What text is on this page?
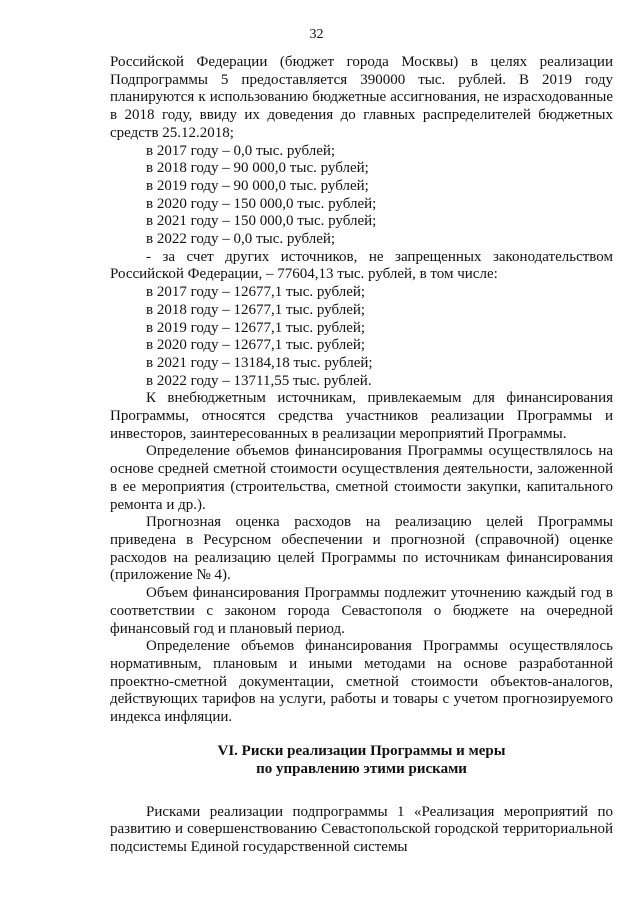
32

Российской Федерации (бюджет города Москвы) в целях реализации Подпрограммы 5 предоставляется 390000 тыс. рублей. В 2019 году планируются к использованию бюджетные ассигнования, не израсходованные в 2018 году, ввиду их доведения до главных распределителей бюджетных средств 25.12.2018;

в 2017 году – 0,0 тыс. рублей;

в 2018 году – 90 000,0 тыс. рублей;

в 2019 году – 90 000,0 тыс. рублей;

в 2020 году – 150 000,0 тыс. рублей;

в 2021 году – 150 000,0 тыс. рублей;

в 2022 году – 0,0 тыс. рублей;

- за счет других источников, не запрещенных законодательством Российской Федерации, – 77604,13 тыс. рублей, в том числе:

в 2017 году – 12677,1 тыс. рублей;

в 2018 году – 12677,1 тыс. рублей;

в 2019 году – 12677,1 тыс. рублей;

в 2020 году – 12677,1 тыс. рублей;

в 2021 году – 13184,18 тыс. рублей;

в 2022 году – 13711,55 тыс. рублей.

К внебюджетным источникам, привлекаемым для финансирования Программы, относятся средства участников реализации Программы и инвесторов, заинтересованных в реализации мероприятий Программы.

Определение объемов финансирования Программы осуществлялось на основе средней сметной стоимости осуществления деятельности, заложенной в ее мероприятия (строительства, сметной стоимости закупки, капитального ремонта и др.).

Прогнозная оценка расходов на реализацию целей Программы приведена в Ресурсном обеспечении и прогнозной (справочной) оценке расходов на реализацию целей Программы по источникам финансирования (приложение № 4).

Объем финансирования Программы подлежит уточнению каждый год в соответствии с законом города Севастополя о бюджете на очередной финансовый год и плановый период.

Определение объемов финансирования Программы осуществлялось нормативным, плановым и иными методами на основе разработанной проектно-сметной документации, сметной стоимости объектов-аналогов, действующих тарифов на услуги, работы и товары с учетом прогнозируемого индекса инфляции.

VI. Риски реализации Программы и меры
по управлению этими рисками

Рисками реализации подпрограммы 1 «Реализация мероприятий по развитию и совершенствованию Севастопольской городской территориальной подсистемы Единой государственной системы
